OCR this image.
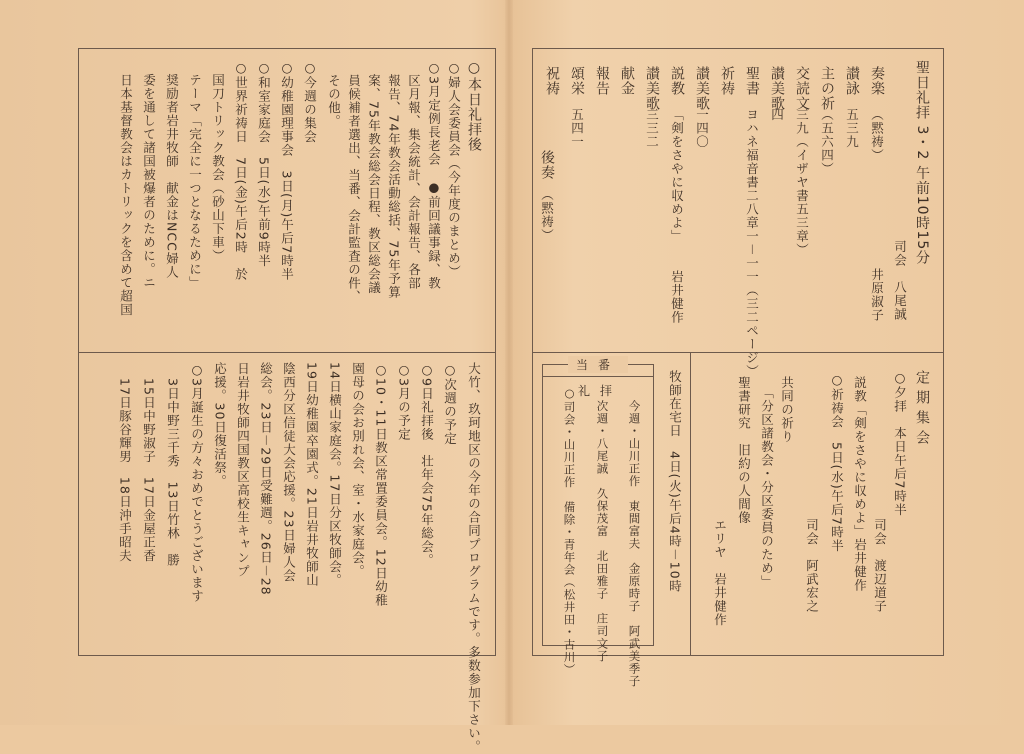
聖日礼拝 3・2 午前10時15分
司会　八尾誠
奏楽
（黙祷）
井原淑子
讃詠
五三九
主の祈
（五六四）
交読文
三九（イザヤ書五三章）
讃美歌
四
聖書
ヨハネ福音書二八章一－一一（三二ページ）
祈祷
讃美歌
一四〇
説教
「剣をさやに収めよ」
岩井健作
讃美歌
三三二
献金
報告
頌栄
五四一
祝祷
後奏
（黙祷）
定期集会
○夕拝　本日午后7時半
　司会　渡辺道子
説教「剣をさやに収めよ」岩井健作
○祈祷会　5日(水)午后7時半
　司会　阿武宏之
共同の祈り
「分区諸教会・分区委員のため」
聖書研究　旧約の人間像
　エリヤ　岩井健作
牧師在宅日　4日(火)午后4時－10時
当番
礼拝
今週・山川正作　東間富夫　金原時子　阿武美季子
次週・八尾誠　久保茂富　北田雅子　庄司文子
○司会・山川正作　備除・青年会（松井田・古川）
○本日礼拝後
○婦人会委員会（今年度のまとめ）
○3月定例長老会　●前回議事録、教
区月報、集会統計、会計報告、各部
報告、74年教会活動総括、75年予算
案、75年教会総会日程、教区総会議
員候補者選出、当番、会計監査の件、
その他。
○今週の集会
○幼稚園理事会　3日(月)午后7時半
○和室家庭会　5日(水)午前9時半
○世界祈祷日　7日(金)午后2時　於
　国刀トリック教会（砂山下車）
　テーマ「完全に一つとなるために」
　奨励者岩井牧師　献金はNCC婦人
　委を通して諸国被爆者のために。ニ
　日本基督教会はカトリックを含めて超国
大竹、玖珂地区の今年の合同プログラムです。多数参加下さい。
○次週の予定
○9日礼拝後　壮年会75年総会。
○3月の予定
○10・11日教区常置委員会。12日幼稚
園母の会お別れ会、室・水家庭会。
14日横山家庭会。17日分区牧師会。
19日幼稚園卒園式。21日岩井牧師山
陰西分区信徒大会応援。23日婦人会
総会。23日－29日受難週。26日－28
日岩井牧師四国教区高校生キャンプ
応援。30日復活祭。
○3月誕生の方々おめでとうございます
3日中野三千秀　13日竹林　勝
15日中野淑子　17日金屋正香
17日豚谷輝男　18日沖手昭夫
